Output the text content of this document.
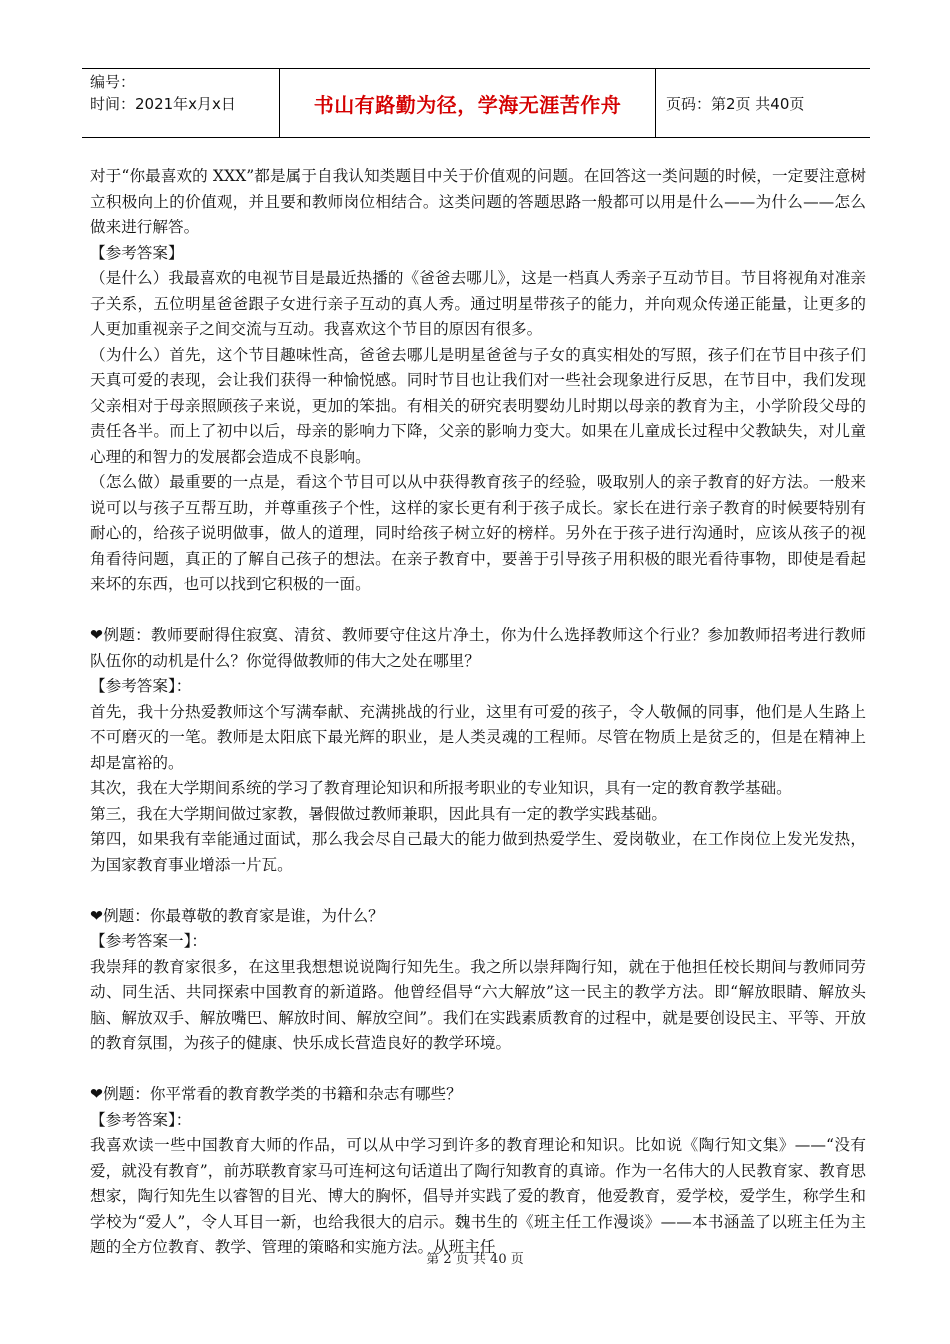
编号：
时间：2021年x月x日	书山有路勤为径，学海无涯苦作舟	页码：第2页 共40页

对于“你最喜欢的 XXX”都是属于自我认知类题目中关于价值观的问题。在回答这一类问题的时候，一定要注意树立积极向上的价值观，并且要和教师岗位相结合。这类问题的答题思路一般都可以用是什么——为什么——怎么做来进行解答。

【参考答案】

（是什么）我最喜欢的电视节目是最近热播的《爸爸去哪儿》，这是一档真人秀亲子互动节目。节目将视角对准亲子关系，五位明星爸爸跟子女进行亲子互动的真人秀。通过明星带孩子的能力，并向观众传递正能量，让更多的人更加重视亲子之间交流与互动。我喜欢这个节目的原因有很多。

（为什么）首先，这个节目趣味性高，爸爸去哪儿是明星爸爸与子女的真实相处的写照，孩子们在节目中孩子们天真可爱的表现，会让我们获得一种愉悦感。同时节目也让我们对一些社会现象进行反思，在节目中，我们发现父亲相对于母亲照顾孩子来说，更加的笨拙。有相关的研究表明婴幼儿时期以母亲的教育为主，小学阶段父母的责任各半。而上了初中以后，母亲的影响力下降，父亲的影响力变大。如果在儿童成长过程中父教缺失，对儿童心理的和智力的发展都会造成不良影响。

（怎么做）最重要的一点是，看这个节目可以从中获得教育孩子的经验，吸取别人的亲子教育的好方法。一般来说可以与孩子互帮互助，并尊重孩子个性，这样的家长更有利于孩子成长。家长在进行亲子教育的时候要特别有耐心的，给孩子说明做事，做人的道理，同时给孩子树立好的榜样。另外在于孩子进行沟通时，应该从孩子的视角看待问题，真正的了解自己孩子的想法。在亲子教育中，要善于引导孩子用积极的眼光看待事物，即使是看起来坏的东西，也可以找到它积极的一面。

❤例题：教师要耐得住寂寞、清贫、教师要守住这片净土，你为什么选择教师这个行业？参加教师招考进行教师队伍你的动机是什么？你觉得做教师的伟大之处在哪里？

【参考答案】：

首先，我十分热爱教师这个写满奉献、充满挑战的行业，这里有可爱的孩子，令人敬佩的同事，他们是人生路上不可磨灭的一笔。教师是太阳底下最光辉的职业，是人类灵魂的工程师。尽管在物质上是贫乏的，但是在精神上却是富裕的。

其次，我在大学期间系统的学习了教育理论知识和所报考职业的专业知识，具有一定的教育教学基础。

第三，我在大学期间做过家教，暑假做过教师兼职，因此具有一定的教学实践基础。

第四，如果我有幸能通过面试，那么我会尽自己最大的能力做到热爱学生、爱岗敬业，在工作岗位上发光发热，为国家教育事业增添一片瓦。

❤例题：你最尊敬的教育家是谁，为什么？

【参考答案一】：

我崇拜的教育家很多，在这里我想想说说陶行知先生。我之所以崇拜陶行知，就在于他担任校长期间与教师同劳动、同生活、共同探索中国教育的新道路。他曾经倡导“六大解放”这一民主的教学方法。即“解放眼睛、解放头脑、解放双手、解放嘴巴、解放时间、解放空间”。我们在实践素质教育的过程中，就是要创设民主、平等、开放的教育氛围，为孩子的健康、快乐成长营造良好的教学环境。

❤例题：你平常看的教育教学类的书籍和杂志有哪些？

【参考答案】：

我喜欢读一些中国教育大师的作品，可以从中学习到许多的教育理论和知识。比如说《陶行知文集》——“没有爱，就没有教育”，前苏联教育家马可连柯这句话道出了陶行知教育的真谛。作为一名伟大的人民教育家、教育思想家，陶行知先生以睿智的目光、博大的胸怀，倡导并实践了爱的教育，他爱教育，爱学校，爱学生，称学生和学校为“爱人”，令人耳目一新，也给我很大的启示。魏书生的《班主任工作漫谈》——本书涵盖了以班主任为主题的全方位教育、教学、管理的策略和实施方法。从班主任

第 2 页 共 40 页
